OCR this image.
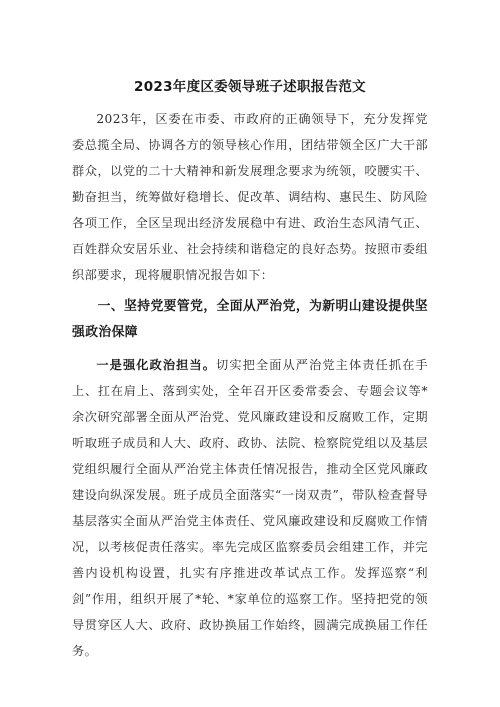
2023年度区委领导班子述职报告范文

2023年，区委在市委、市政府的正确领导下，充分发挥党委总揽全局、协调各方的领导核心作用，团结带领全区广大干部群众，以党的二十大精神和新发展理念要求为统领，咬腰实干、勤奋担当，统筹做好稳增长、促改革、调结构、惠民生、防风险各项工作，全区呈现出经济发展稳中有进、政治生态风清气正、百姓群众安居乐业、社会持续和谐稳定的良好态势。按照市委组织部要求，现将履职情况报告如下：

一、坚持党要管党，全面从严治党，为新明山建设提供坚强政治保障

一是强化政治担当。切实把全面从严治党主体责任抓在手上、扛在肩上、落到实处，全年召开区委常委会、专题会议等*余次研究部署全面从严治党、党风廉政建设和反腐败工作，定期听取班子成员和人大、政府、政协、法院、检察院党组以及基层党组织履行全面从严治党主体责任情况报告，推动全区党风廉政建设向纵深发展。班子成员全面落实“一岗双责”，带队检查督导基层落实全面从严治党主体责任、党风廉政建设和反腐败工作情况，以考核促责任落实。率先完成区监察委员会组建工作，并完善内设机构设置，扎实有序推进改革试点工作。发挥巡察“利剑”作用，组织开展了*轮、*家单位的巡察工作。坚持把党的领导贯穿区人大、政府、政协换届工作始终，圆满完成换届工作任务。
